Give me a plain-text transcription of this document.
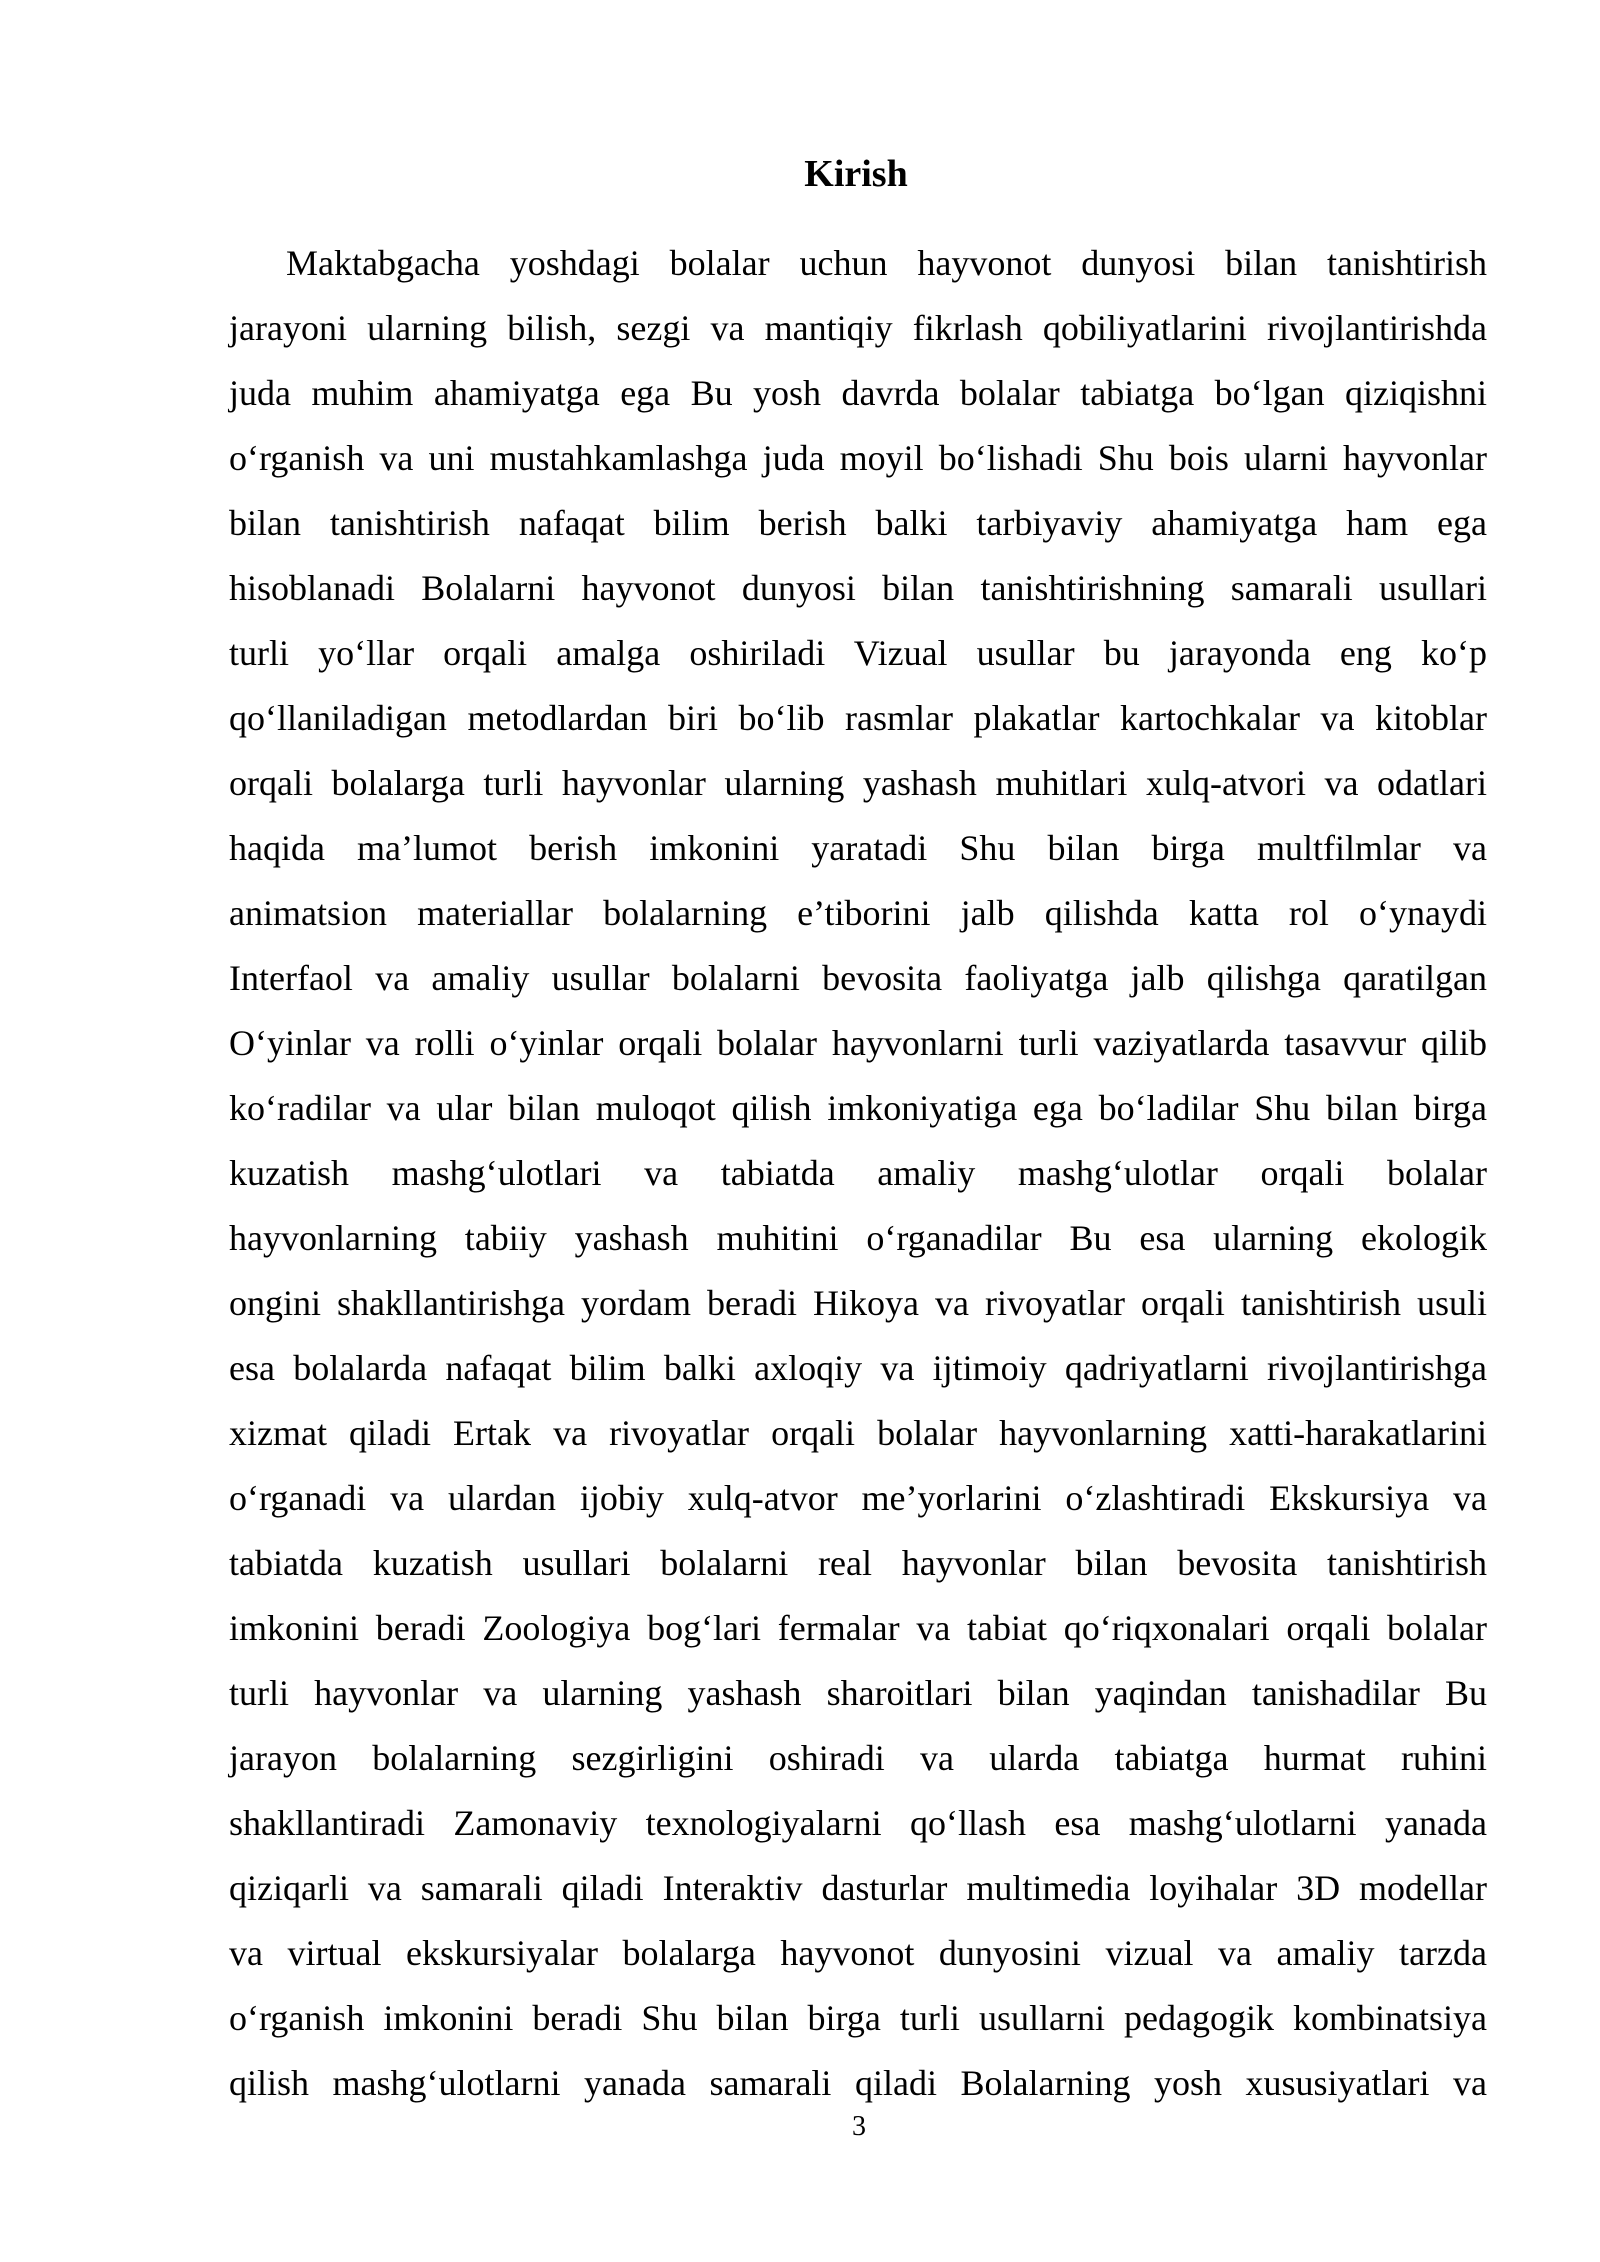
Kirish
Maktabgacha yoshdagi bolalar uchun hayvonot dunyosi bilan tanishtirish
jarayoni ularning bilish, sezgi va mantiqiy fikrlash qobiliyatlarini rivojlantirishda
juda muhim ahamiyatga ega Bu yosh davrda bolalar tabiatga bo‘lgan qiziqishni
o‘rganish va uni mustahkamlashga juda moyil bo‘lishadi Shu bois ularni hayvonlar
bilan tanishtirish nafaqat bilim berish balki tarbiyaviy ahamiyatga ham ega
hisoblanadi Bolalarni hayvonot dunyosi bilan tanishtirishning samarali usullari
turli yo‘llar orqali amalga oshiriladi Vizual usullar bu jarayonda eng ko‘p
qo‘llaniladigan metodlardan biri bo‘lib rasmlar plakatlar kartochkalar va kitoblar
orqali bolalarga turli hayvonlar ularning yashash muhitlari xulq-atvori va odatlari
haqida ma’lumot berish imkonini yaratadi Shu bilan birga multfilmlar va
animatsion materiallar bolalarning e’tiborini jalb qilishda katta rol o‘ynaydi
Interfaol va amaliy usullar bolalarni bevosita faoliyatga jalb qilishga qaratilgan
O‘yinlar va rolli o‘yinlar orqali bolalar hayvonlarni turli vaziyatlarda tasavvur qilib
ko‘radilar va ular bilan muloqot qilish imkoniyatiga ega bo‘ladilar Shu bilan birga
kuzatish mashg‘ulotlari va tabiatda amaliy mashg‘ulotlar orqali bolalar
hayvonlarning tabiiy yashash muhitini o‘rganadilar Bu esa ularning ekologik
ongini shakllantirishga yordam beradi Hikoya va rivoyatlar orqali tanishtirish usuli
esa bolalarda nafaqat bilim balki axloqiy va ijtimoiy qadriyatlarni rivojlantirishga
xizmat qiladi Ertak va rivoyatlar orqali bolalar hayvonlarning xatti-harakatlarini
o‘rganadi va ulardan ijobiy xulq-atvor me’yorlarini o‘zlashtiradi Ekskursiya va
tabiatda kuzatish usullari bolalarni real hayvonlar bilan bevosita tanishtirish
imkonini beradi Zoologiya bog‘lari fermalar va tabiat qo‘riqxonalari orqali bolalar
turli hayvonlar va ularning yashash sharoitlari bilan yaqindan tanishadilar Bu
jarayon bolalarning sezgirligini oshiradi va ularda tabiatga hurmat ruhini
shakllantiradi Zamonaviy texnologiyalarni qo‘llash esa mashg‘ulotlarni yanada
qiziqarli va samarali qiladi Interaktiv dasturlar multimedia loyihalar 3D modellar
va virtual ekskursiyalar bolalarga hayvonot dunyosini vizual va amaliy tarzda
o‘rganish imkonini beradi Shu bilan birga turli usullarni pedagogik kombinatsiya
qilish mashg‘ulotlarni yanada samarali qiladi Bolalarning yosh xususiyatlari va
3
